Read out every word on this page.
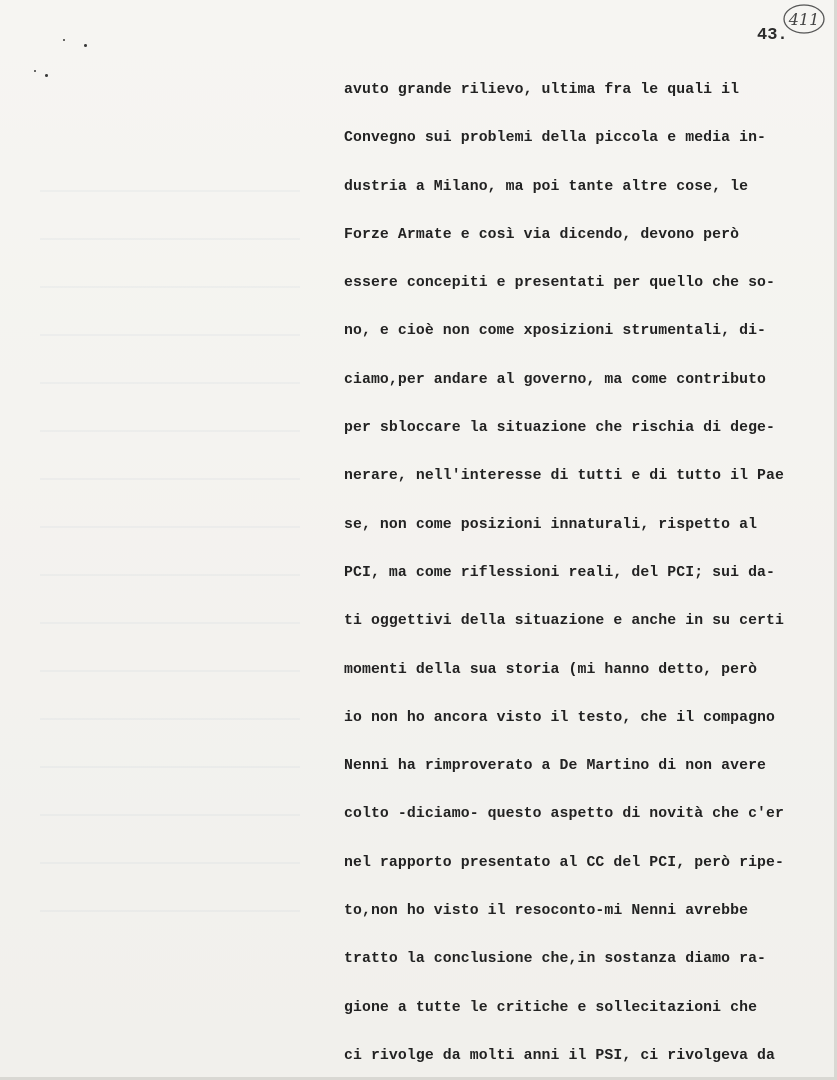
411
43.
avuto grande rilievo, ultima fra le quali il
Convegno sui problemi della piccola e media in-
dustria a Milano, ma poi tante altre cose, le
Forze Armate e così via dicendo, devono però
essere concepiti e presentati per quello che so-
no, e cioè non come xposizioni strumentali, di-
ciamo,per andare al governo, ma come contributo
per sbloccare la situazione che rischia di dege-
nerare, nell'interesse di tutti e di tutto il Pae
se, non come posizioni innaturali, rispetto al
PCI, ma come riflessioni reali, del PCI; sui da-
ti oggettivi della situazione e anche in su certi
momenti della sua storia (mi hanno detto, però
io non ho ancora visto il testo, che il compagno
Nenni ha rimproverato a De Martino di non avere
colto -diciamo- questo aspetto di novità che c'er
nel rapporto presentato al CC del PCI, però ripe-
to,non ho visto il resoconto-mi Nenni avrebbe
tratto la conclusione che,in sostanza diamo ra-
gione a tutte le critiche e sollecitazioni che
ci rivolge da molti anni il PSI, ci rivolgeva da
